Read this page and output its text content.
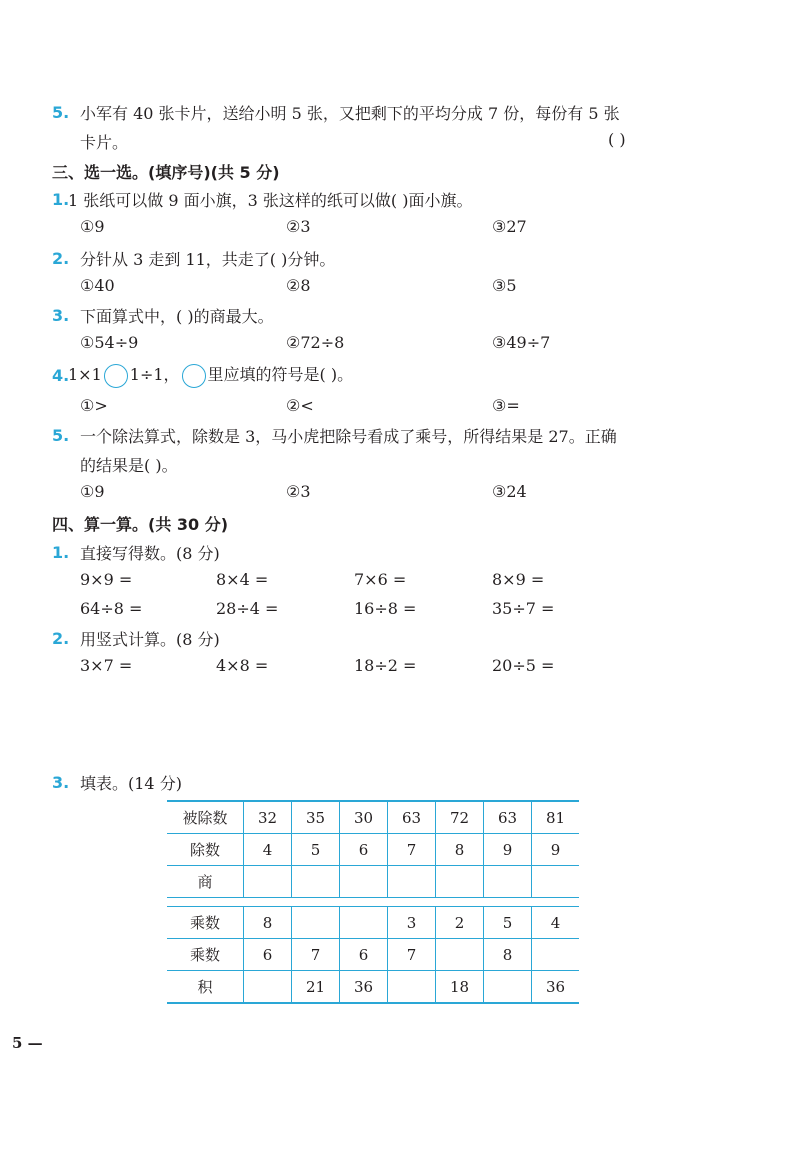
5. 小军有 40 张卡片，送给小明 5 张，又把剩下的平均分成 7 份，每份有 5 张
卡片。	( )
三、选一选。(填序号)(共 5 分)
1.
1 张纸可以做 9 面小旗，3 张这样的纸可以做( )面小旗。
①9	②3	③27
2. 分针从 3 走到 11，共走了( )分钟。
①40	②8	③5
3. 下面算式中，( )的商最大。
①54÷9	②72÷8	③49÷7
4.
1×1 1÷1， 里应填的符号是( )。
①>	②<	③=
5. 一个除法算式，除数是 3，马小虎把除号看成了乘号，所得结果是 27。正确
的结果是( )。
①9	②3	③24
四、算一算。(共 30 分)
1. 直接写得数。(8 分)
9×9 =	8×4 =	7×6 =	8×9 =
64÷8 =	28÷4 =	16÷8 =	35÷7 =
2. 用竖式计算。(8 分)
3×7 =	4×8 =	18÷2 =	20÷5 =
3. 填表。(14 分)
被除数	32	35	30	63	72	63	81
除数	4	5	6	7	8	9	9
商							

乘数	8			3	2	5	4
乘数	6	7	6	7		8	
积		21	36		18		36
5 —
